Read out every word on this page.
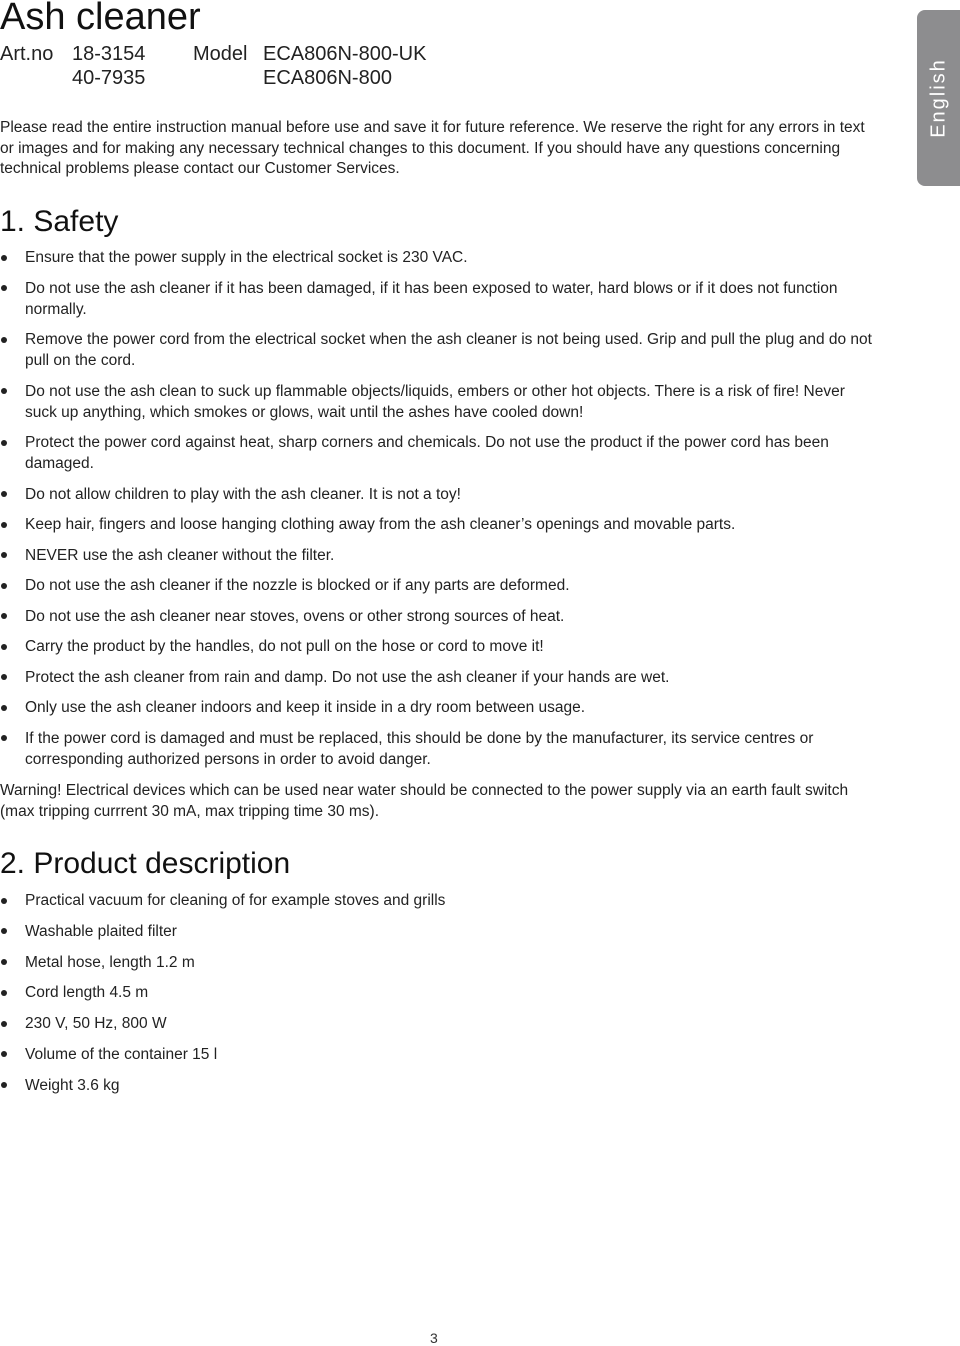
Ash cleaner
Art.no 18-3154 Model ECA806N-800-UK
40-7935	ECA806N-800

Please read the entire instruction manual before use and save it for future reference. We reserve the right for any errors in text or images and for making any necessary technical changes to this document. If you should have any questions concerning technical problems please contact our Customer Services.

English
1. Safety
Ensure that the power supply in the electrical socket is 230 VAC.
Do not use the ash cleaner if it has been damaged, if it has been exposed to water, hard blows or if it does not function normally.
Remove the power cord from the electrical socket when the ash cleaner is not being used. Grip and pull the plug and do not pull on the cord.
Do not use the ash clean to suck up flammable objects/liquids, embers or other hot objects. There is a risk of fire! Never suck up anything, which smokes or glows, wait until the ashes have cooled down!
Protect the power cord against heat, sharp corners and chemicals. Do not use the product if the power cord has been damaged.
Do not allow children to play with the ash cleaner. It is not a toy!
Keep hair, fingers and loose hanging clothing away from the ash cleaner’s openings and movable parts.
NEVER use the ash cleaner without the filter.
Do not use the ash cleaner if the nozzle is blocked or if any parts are deformed.
Do not use the ash cleaner near stoves, ovens or other strong sources of heat.
Carry the product by the handles, do not pull on the hose or cord to move it!
Protect the ash cleaner from rain and damp. Do not use the ash cleaner if your hands are wet.
Only use the ash cleaner indoors and keep it inside in a dry room between usage.
If the power cord is damaged and must be replaced, this should be done by the manufacturer, its service centres or corresponding authorized persons in order to avoid danger.

Warning! Electrical devices which can be used near water should be connected to the power supply via an earth fault switch (max tripping currrent 30 mA, max tripping time 30 ms).

2. Product description
Practical vacuum for cleaning of for example stoves and grills
Washable plaited filter
Metal hose, length 1.2 m
Cord length 4.5 m
230 V, 50 Hz, 800 W
Volume of the container 15 l
Weight 3.6 kg
3
